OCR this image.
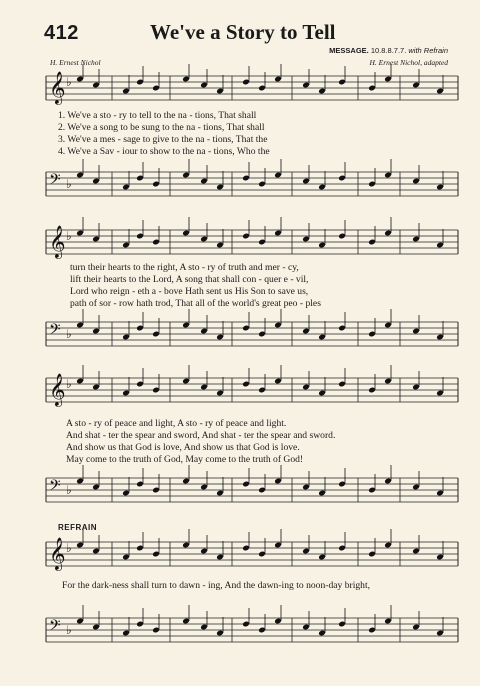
412	We've a Story to Tell
MESSAGE. 10.8.8.7.7. with Refrain
H. Ernest Nichol	H. Ernest Nichol, adapted
𝄞 ♭
1. We've a sto - ry to tell to the na - tions, That shall
2. We've a song to be sung to the na - tions, That shall
3. We've a mes - sage to give to the na - tions, That the
4. We've a Sav - iour to show to the na - tions, Who the
𝄢 ♭
𝄞 ♭
turn their hearts to the right, A sto - ry of truth and mer - cy,
lift their hearts to the Lord, A song that shall con - quer e - vil,
Lord who reign - eth a - bove Hath sent us His Son to save us,
path of sor - row hath trod, That all of the world's great peo - ples
𝄢 ♭
𝄞 ♭
A sto - ry of peace and light, A sto - ry of peace and light.
And shat - ter the spear and sword, And shat - ter the spear and sword.
And show us that God is love, And show us that God is love.
May come to the truth of God, May come to the truth of God!
𝄢 ♭
REFRAIN
𝄞 ♭
For the dark-ness shall turn to dawn - ing, And the dawn-ing to noon-day bright,
𝄢 ♭
